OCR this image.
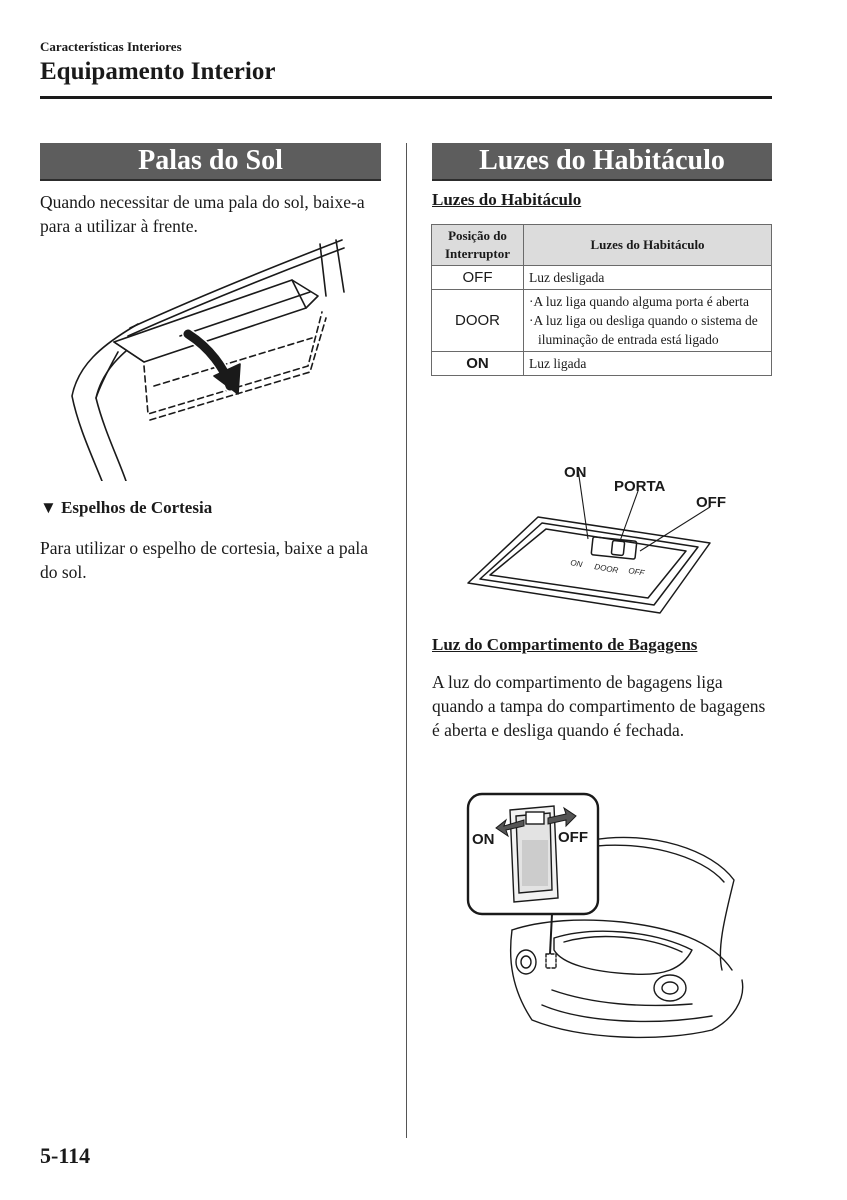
Características Interiores
Equipamento Interior
Palas do Sol
Quando necessitar de uma pala do sol, baixe-a para a utilizar à frente.
▼ Espelhos de Cortesia
Para utilizar o espelho de cortesia, baixe a pala do sol.
Luzes do Habitáculo
Luzes do Habitáculo
Posição do Interruptor	Luzes do Habitáculo
OFF	Luz desligada
DOOR	·A luz liga quando alguma porta é aberta
·A luz liga ou desliga quando o sistema de iluminação de entrada está ligado

ON	Luz ligada
ON
PORTA
OFF
ON DOOR OFF
Luz do Compartimento de Bagagens
A luz do compartimento de bagagens liga quando a tampa do compartimento de bagagens é aberta e desliga quando é fechada.
ON	OFF
5-114
